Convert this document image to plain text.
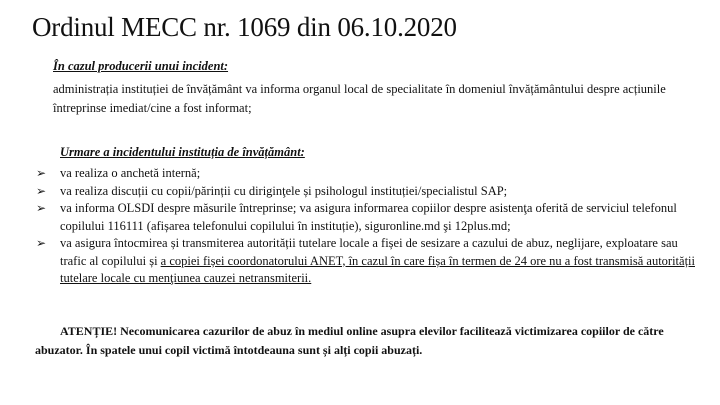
Ordinul MECC nr. 1069 din 06.10.2020
În cazul producerii unui incident:
administrația instituției de învățământ va informa organul local de specialitate în domeniul învățământului despre acțiunile întreprinse imediat/cine a fost informat;
Urmare a incidentului instituția de învățământ:
➢ va realiza o anchetă internă;
➢ va realiza discuții cu copii/părinții cu diriginţele și psihologul instituției/specialistul SAP;
➢ va informa OLSDI despre măsurile întreprinse; va asigura informarea copiilor despre asistenţa oferită de serviciul telefonul copilului 116111 (afișarea telefonului copilului în instituție), siguronline.md şi 12plus.md;
➢ va asigura întocmirea și transmiterea autorității tutelare locale a fișei de sesizare a cazului de abuz, neglijare, exploatare sau trafic al copilului și a copiei fișei coordonatorului ANET, în cazul în care fișa în termen de 24 ore nu a fost transmisă autorității tutelare locale cu menţiunea cauzei netransmiterii.
ATENȚIE! Necomunicarea cazurilor de abuz în mediul online asupra elevilor facilitează victimizarea copiilor de către abuzator. În spatele unui copil victimă întotdeauna sunt și alți copii abuzați.
